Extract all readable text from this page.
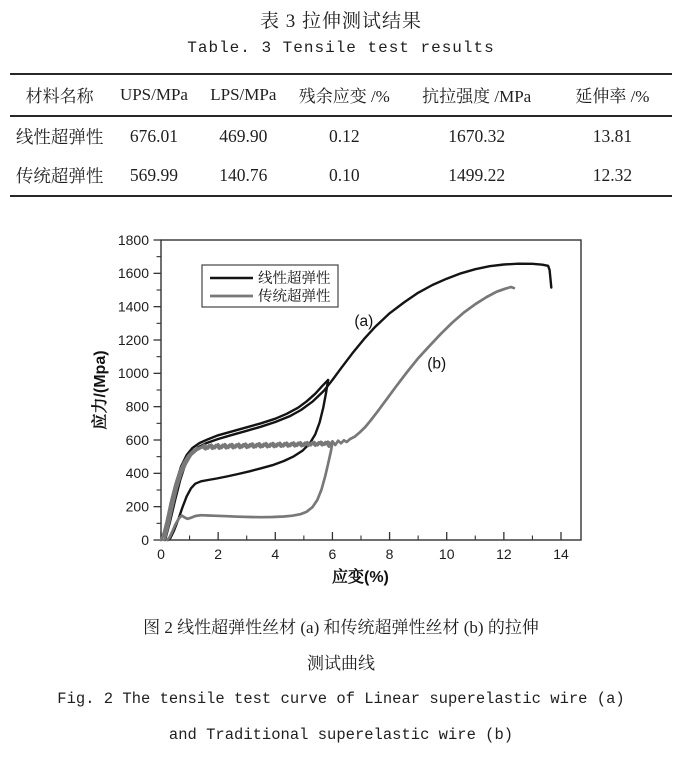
表 3 拉伸测试结果
Table. 3 Tensile test results
材料名称	UPS/MPa	LPS/MPa	残余应变 /%	抗拉强度 /MPa	延伸率 /%
线性超弹性	676.01	469.90	0.12	1670.32	13.81
传统超弹性	569.99	140.76	0.10	1499.22	12.32
0	2	4	6	8	10	12	14
0
200
400
600
800
1000
1200
1400
1600
1800
应变(%)
应力/(Mpa)
线性超弹性
传统超弹性
(a)
(b)
图 2 线性超弹性丝材 (a) 和传统超弹性丝材 (b) 的拉伸
测试曲线
Fig. 2 The tensile test curve of Linear superelastic wire (a)
and Traditional superelastic wire (b)
